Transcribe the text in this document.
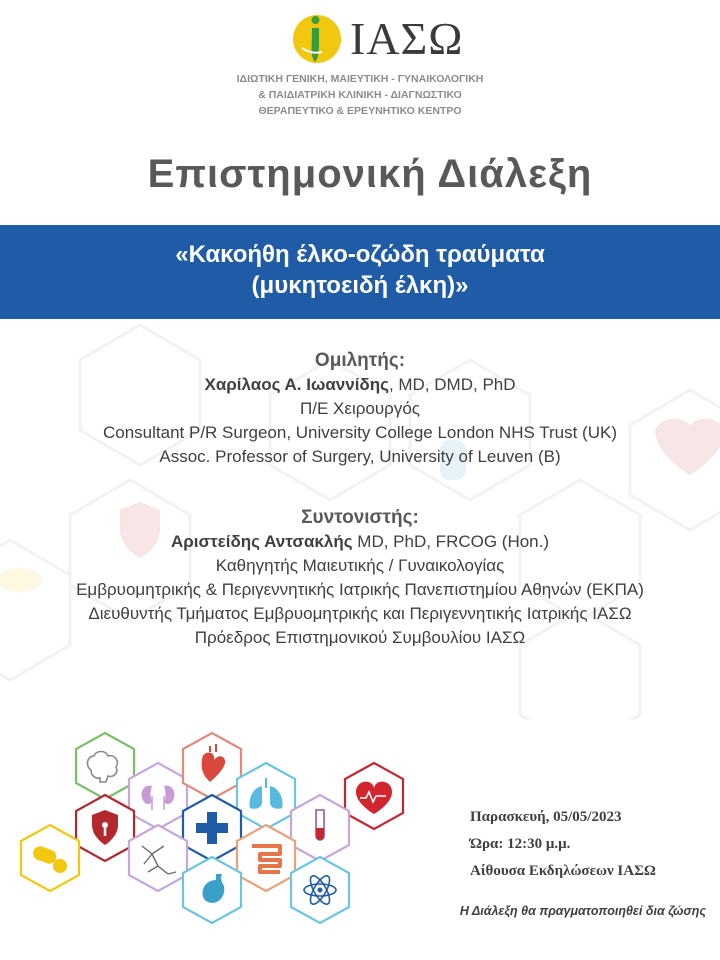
ΙΑΣΩ
ΙΔΙΩΤΙΚΗ ΓΕΝΙΚΗ, ΜΑΙΕΥΤΙΚΗ - ΓΥΝΑΙΚΟΛΟΓΙΚΗ
& ΠΑΙΔΙΑΤΡΙΚΗ ΚΛΙΝΙΚΗ - ΔΙΑΓΝΩΣΤΙΚΟ
ΘΕΡΑΠΕΥΤΙΚΟ & ΕΡΕΥΝΗΤΙΚΟ ΚΕΝΤΡΟ
Επιστημονική Διάλεξη
«Κακοήθη έλκο-οζώδη τραύματα
(μυκητοειδή έλκη)»
Ομιλητής:
Χαρίλαος Α. Ιωαννίδης, MD, DMD, PhD
Π/Ε Χειρουργός
Consultant P/R Surgeon, University College London NHS Trust (UK)
Assoc. Professor of Surgery, University of Leuven (B)
Συντονιστής:
Αριστείδης Αντσακλής MD, PhD, FRCOG (Hon.)
Καθηγητής Μαιευτικής / Γυναικολογίας
Εμβρυομητρικής & Περιγεννητικής Ιατρικής Πανεπιστημίου Αθηνών (ΕΚΠΑ)
Διευθυντής Τμήματος Εμβρυομητρικής και Περιγεννητικής Ιατρικής ΙΑΣΩ
Πρόεδρος Επιστημονικού Συμβουλίου ΙΑΣΩ
Παρασκευή, 05/05/2023
Ώρα: 12:30 μ.μ.
Αίθουσα Εκδηλώσεων ΙΑΣΩ
Η Διάλεξη θα πραγματοποιηθεί δια ζώσης
